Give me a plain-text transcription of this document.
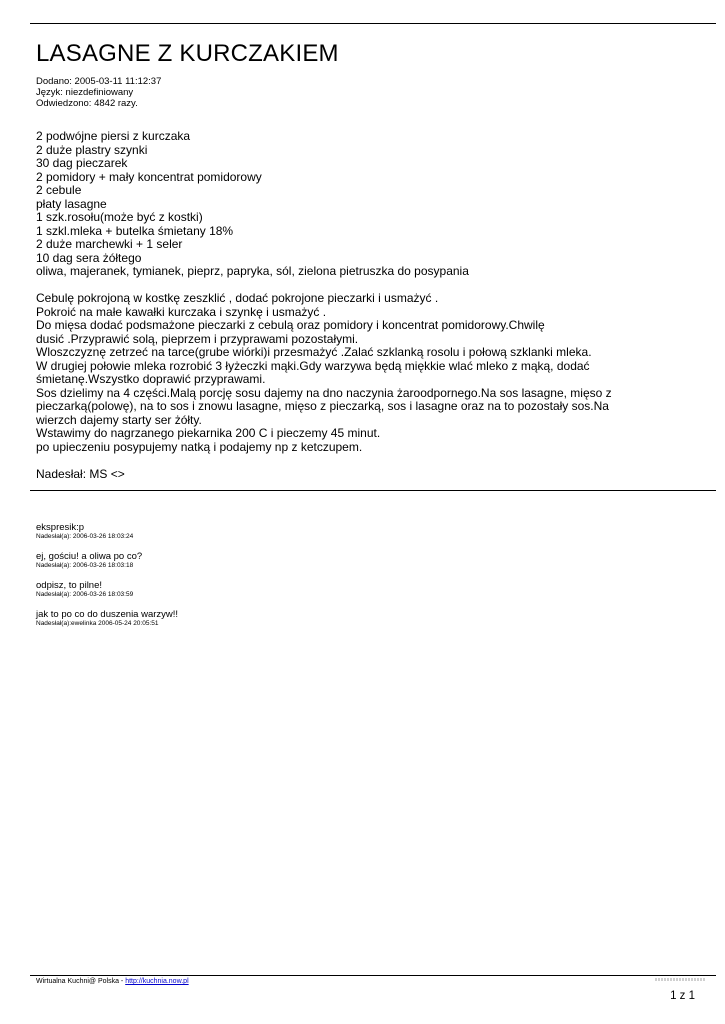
LASAGNE Z KURCZAKIEM
Dodano: 2005-03-11 11:12:37
Język: niezdefiniowany
Odwiedzono: 4842 razy.
2 podwójne piersi z kurczaka
2 duże plastry szynki
30 dag pieczarek
2 pomidory + mały koncentrat pomidorowy
2 cebule
płaty lasagne
1 szk.rosołu(może być z kostki)
1 szkl.mleka + butelka śmietany 18%
2 duże marchewki + 1 seler
10 dag sera żółtego
oliwa, majeranek, tymianek, pieprz, papryka, sól, zielona pietruszka do posypania
Cebulę pokrojoną w kostkę zeszklić , dodać pokrojone pieczarki i usmażyć .
Pokroić na małe kawałki kurczaka i szynkę i usmażyć .
Do mięsa dodać podsmażone pieczarki z cebulą oraz pomidory i koncentrat pomidorowy.Chwilę
dusić .Przyprawić solą, pieprzem i przyprawami pozostałymi.
Wloszczyznę zetrzeć na tarce(grube wiórki)i przesmażyć .Zalać szklanką rosolu i połową szklanki mleka.
W drugiej połowie mleka rozrobić 3 łyżeczki mąki.Gdy warzywa będą miękkie wlać mleko z mąką, dodać
śmietanę.Wszystko doprawić przyprawami.
Sos dzielimy na 4 części.Malą porcję sosu dajemy na dno naczynia żaroodpornego.Na sos lasagne, mięso z
pieczarką(polowę), na to sos i znowu lasagne, mięso z pieczarką, sos i lasagne oraz na to pozostały sos.Na
wierzch dajemy starty ser żółty.
Wstawimy do nagrzanego piekarnika 200 C i pieczemy 45 minut.
po upieczeniu posypujemy natką i podajemy np z ketczupem.
Nadesłał: MS <>
ekspresik:p
Nadesłał(a): 2006-03-26 18:03:24
ej, gościu! a oliwa po co?
Nadesłał(a): 2006-03-26 18:03:18
odpisz, to pilne!
Nadesłał(a): 2006-03-26 18:03:59
jak to po co do duszenia warzyw!!
Nadesłał(a):ewelinka 2006-05-24 20:05:51
Wirtualna Kuchni@ Polska - http://kuchnia.now.pl
1 z 1
